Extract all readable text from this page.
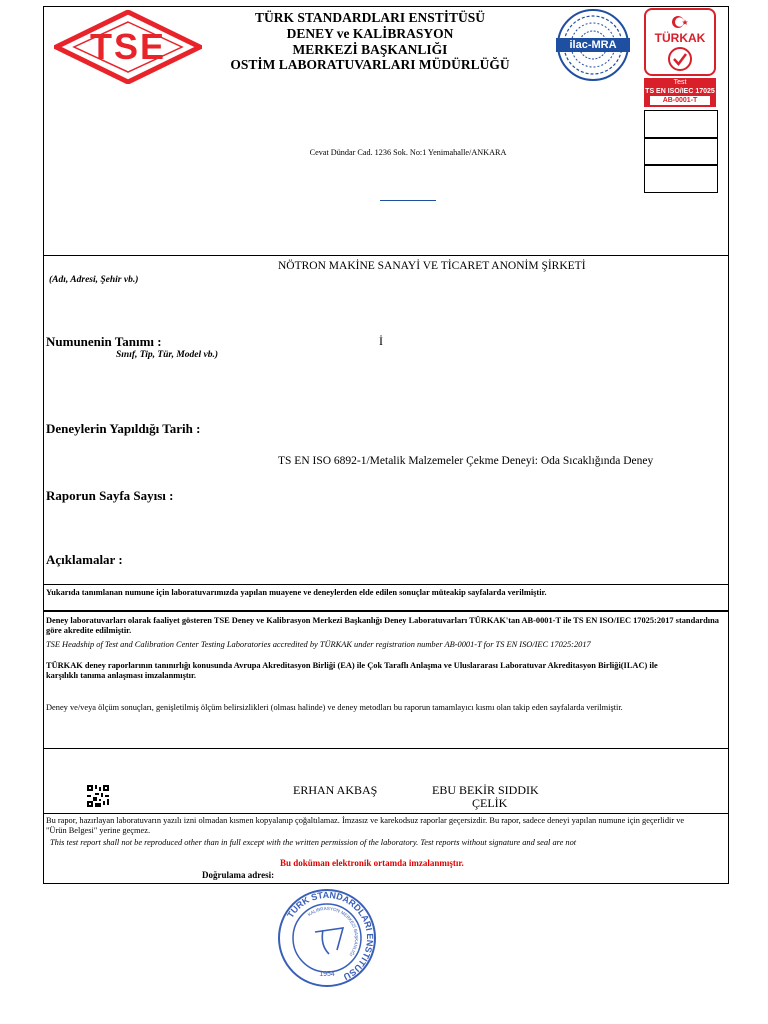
TSE
TÜRK STANDARDLARI ENSTİTÜSÜ
DENEY ve KALİBRASYON
MERKEZİ BAŞKANLIĞI
OSTİM LABORATUVARLARI MÜDÜRLÜĞÜ
ilac-MRA	TÜRKAK
Test
TS EN ISO/IEC 17025
AB-0001-T
Cevat Dündar Cad. 1236 Sok. No:1 Yenimahalle/ANKARA
NÖTRON MAKİNE SANAYİ VE TİCARET ANONİM ŞİRKETİ
(Adı, Adresi, Şehir vb.)
Numunenin Tanımı :
Sınıf, Tip, Tür, Model vb.)
İ
Deneylerin Yapıldığı Tarih :
TS EN ISO 6892-1/Metalik Malzemeler Çekme Deneyi: Oda Sıcaklığında Deney
Raporun Sayfa Sayısı :
Açıklamalar :
Yukarıda tanımlanan numune için laboratuvarımızda yapılan muayene ve deneylerden elde edilen sonuçlar müteakip sayfalarda verilmiştir.
Deney laboratuvarları olarak faaliyet gösteren TSE Deney ve Kalibrasyon Merkezi Başkanlığı Deney Laboratuvarları TÜRKAK'tan AB-0001-T ile TS EN ISO/IEC 17025:2017 standardına göre akredite edilmiştir.
TSE Headship of Test and Calibration Center Testing Laboratories accredited by TÜRKAK under registration number AB-0001-T for TS EN ISO/IEC 17025:2017
TÜRKAK deney raporlarının tanınırlığı konusunda Avrupa Akreditasyon Birliği (EA) ile Çok Taraflı Anlaşma ve Uluslararası Laboratuvar Akreditasyon Birliği(ILAC) ile karşılıklı tanıma anlaşması imzalanmıştır.
Deney ve/veya ölçüm sonuçları, genişletilmiş ölçüm belirsizlikleri (olması halinde) ve deney metodları bu raporun tamamlayıcı kısmı olan takip eden sayfalarda verilmiştir.
ERHAN AKBAŞ	EBU BEKİR SIDDIK
ÇELİK
Bu rapor, hazırlayan laboratuvarın yazılı izni olmadan kısmen kopyalanıp çoğaltılamaz. İmzasız ve karekodsuz raporlar geçersizdir. Bu rapor, sadece deneyi yapılan numune için geçerlidir ve "Ürün Belgesi" yerine geçmez.
This test report shall not be reproduced other than in full except with the written permission of the laboratory. Test reports without signature and seal are not
Bu doküman elektronik ortamda imzalanmıştır.
Doğrulama adresi:
TÜRK STANDARDLARI ENSTİTÜSÜ
KALİBRASYON MERKEZİ BAŞKANLIĞI
1954
